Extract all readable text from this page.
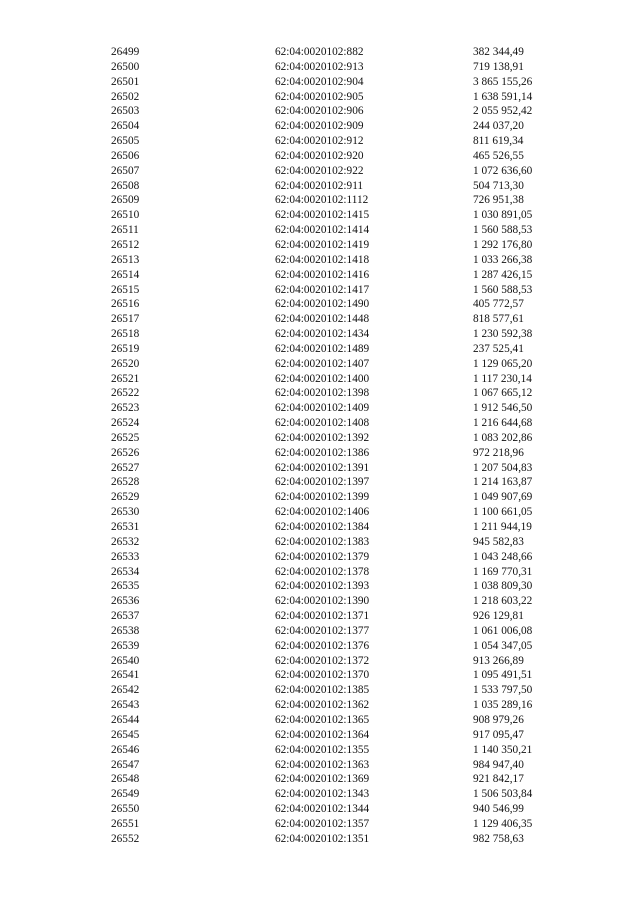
26499	62:04:0020102:882	382 344,49
26500	62:04:0020102:913	719 138,91
26501	62:04:0020102:904	3 865 155,26
26502	62:04:0020102:905	1 638 591,14
26503	62:04:0020102:906	2 055 952,42
26504	62:04:0020102:909	244 037,20
26505	62:04:0020102:912	811 619,34
26506	62:04:0020102:920	465 526,55
26507	62:04:0020102:922	1 072 636,60
26508	62:04:0020102:911	504 713,30
26509	62:04:0020102:1112	726 951,38
26510	62:04:0020102:1415	1 030 891,05
26511	62:04:0020102:1414	1 560 588,53
26512	62:04:0020102:1419	1 292 176,80
26513	62:04:0020102:1418	1 033 266,38
26514	62:04:0020102:1416	1 287 426,15
26515	62:04:0020102:1417	1 560 588,53
26516	62:04:0020102:1490	405 772,57
26517	62:04:0020102:1448	818 577,61
26518	62:04:0020102:1434	1 230 592,38
26519	62:04:0020102:1489	237 525,41
26520	62:04:0020102:1407	1 129 065,20
26521	62:04:0020102:1400	1 117 230,14
26522	62:04:0020102:1398	1 067 665,12
26523	62:04:0020102:1409	1 912 546,50
26524	62:04:0020102:1408	1 216 644,68
26525	62:04:0020102:1392	1 083 202,86
26526	62:04:0020102:1386	972 218,96
26527	62:04:0020102:1391	1 207 504,83
26528	62:04:0020102:1397	1 214 163,87
26529	62:04:0020102:1399	1 049 907,69
26530	62:04:0020102:1406	1 100 661,05
26531	62:04:0020102:1384	1 211 944,19
26532	62:04:0020102:1383	945 582,83
26533	62:04:0020102:1379	1 043 248,66
26534	62:04:0020102:1378	1 169 770,31
26535	62:04:0020102:1393	1 038 809,30
26536	62:04:0020102:1390	1 218 603,22
26537	62:04:0020102:1371	926 129,81
26538	62:04:0020102:1377	1 061 006,08
26539	62:04:0020102:1376	1 054 347,05
26540	62:04:0020102:1372	913 266,89
26541	62:04:0020102:1370	1 095 491,51
26542	62:04:0020102:1385	1 533 797,50
26543	62:04:0020102:1362	1 035 289,16
26544	62:04:0020102:1365	908 979,26
26545	62:04:0020102:1364	917 095,47
26546	62:04:0020102:1355	1 140 350,21
26547	62:04:0020102:1363	984 947,40
26548	62:04:0020102:1369	921 842,17
26549	62:04:0020102:1343	1 506 503,84
26550	62:04:0020102:1344	940 546,99
26551	62:04:0020102:1357	1 129 406,35
26552	62:04:0020102:1351	982 758,63
